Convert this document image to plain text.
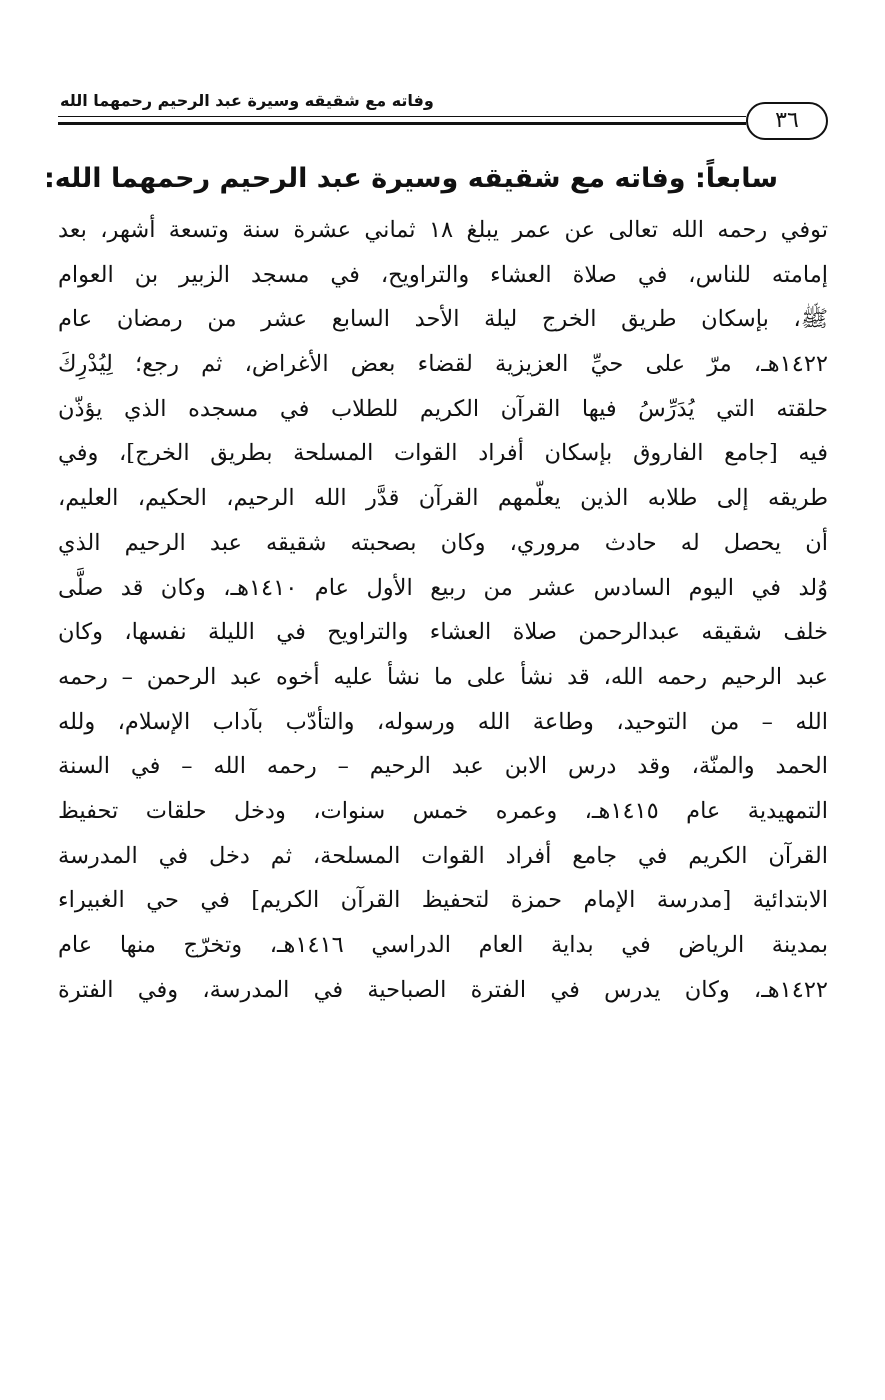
وفاته مع شقيقه وسيرة عبد الرحيم رحمهما الله
٣٦
سابعاً: وفاته مع شقيقه وسيرة عبد الرحيم رحمهما الله:
توفي رحمه الله تعالى عن عمر يبلغ ١٨ ثماني عشرة سنة وتسعة أشهر، بعد
إمامته للناس، في صلاة العشاء والتراويح، في مسجد الزبير بن العوام
ﷺ، بإسكان طريق الخرج ليلة الأحد السابع عشر من رمضان عام
١٤٢٢هـ، مرّ على حيِّ العزيزية لقضاء بعض الأغراض، ثم رجع؛ لِيُدْرِكَ
حلقته التي يُدَرِّسُ فيها القرآن الكريم للطلاب في مسجده الذي يؤذّن
فيه [جامع الفاروق بإسكان أفراد القوات المسلحة بطريق الخرج]، وفي
طريقه إلى طلابه الذين يعلّمهم القرآن قدَّر الله الرحيم، الحكيم، العليم،
أن يحصل له حادث مروري، وكان بصحبته شقيقه عبد الرحيم الذي
وُلد في اليوم السادس عشر من ربيع الأول عام ١٤١٠هـ، وكان قد صلَّى
خلف شقيقه عبدالرحمن صلاة العشاء والتراويح في الليلة نفسها، وكان
عبد الرحيم رحمه الله، قد نشأ على ما نشأ عليه أخوه عبد الرحمن – رحمه
الله – من التوحيد، وطاعة الله ورسوله، والتأدّب بآداب الإسلام، ولله
الحمد والمنّة، وقد درس الابن عبد الرحيم – رحمه الله – في السنة
التمهيدية عام ١٤١٥هـ، وعمره خمس سنوات، ودخل حلقات تحفيظ
القرآن الكريم في جامع أفراد القوات المسلحة، ثم دخل في المدرسة
الابتدائية [مدرسة الإمام حمزة لتحفيظ القرآن الكريم] في حي الغبيراء
بمدينة الرياض في بداية العام الدراسي ١٤١٦هـ، وتخرّج منها عام
١٤٢٢هـ، وكان يدرس في الفترة الصباحية في المدرسة، وفي الفترة
